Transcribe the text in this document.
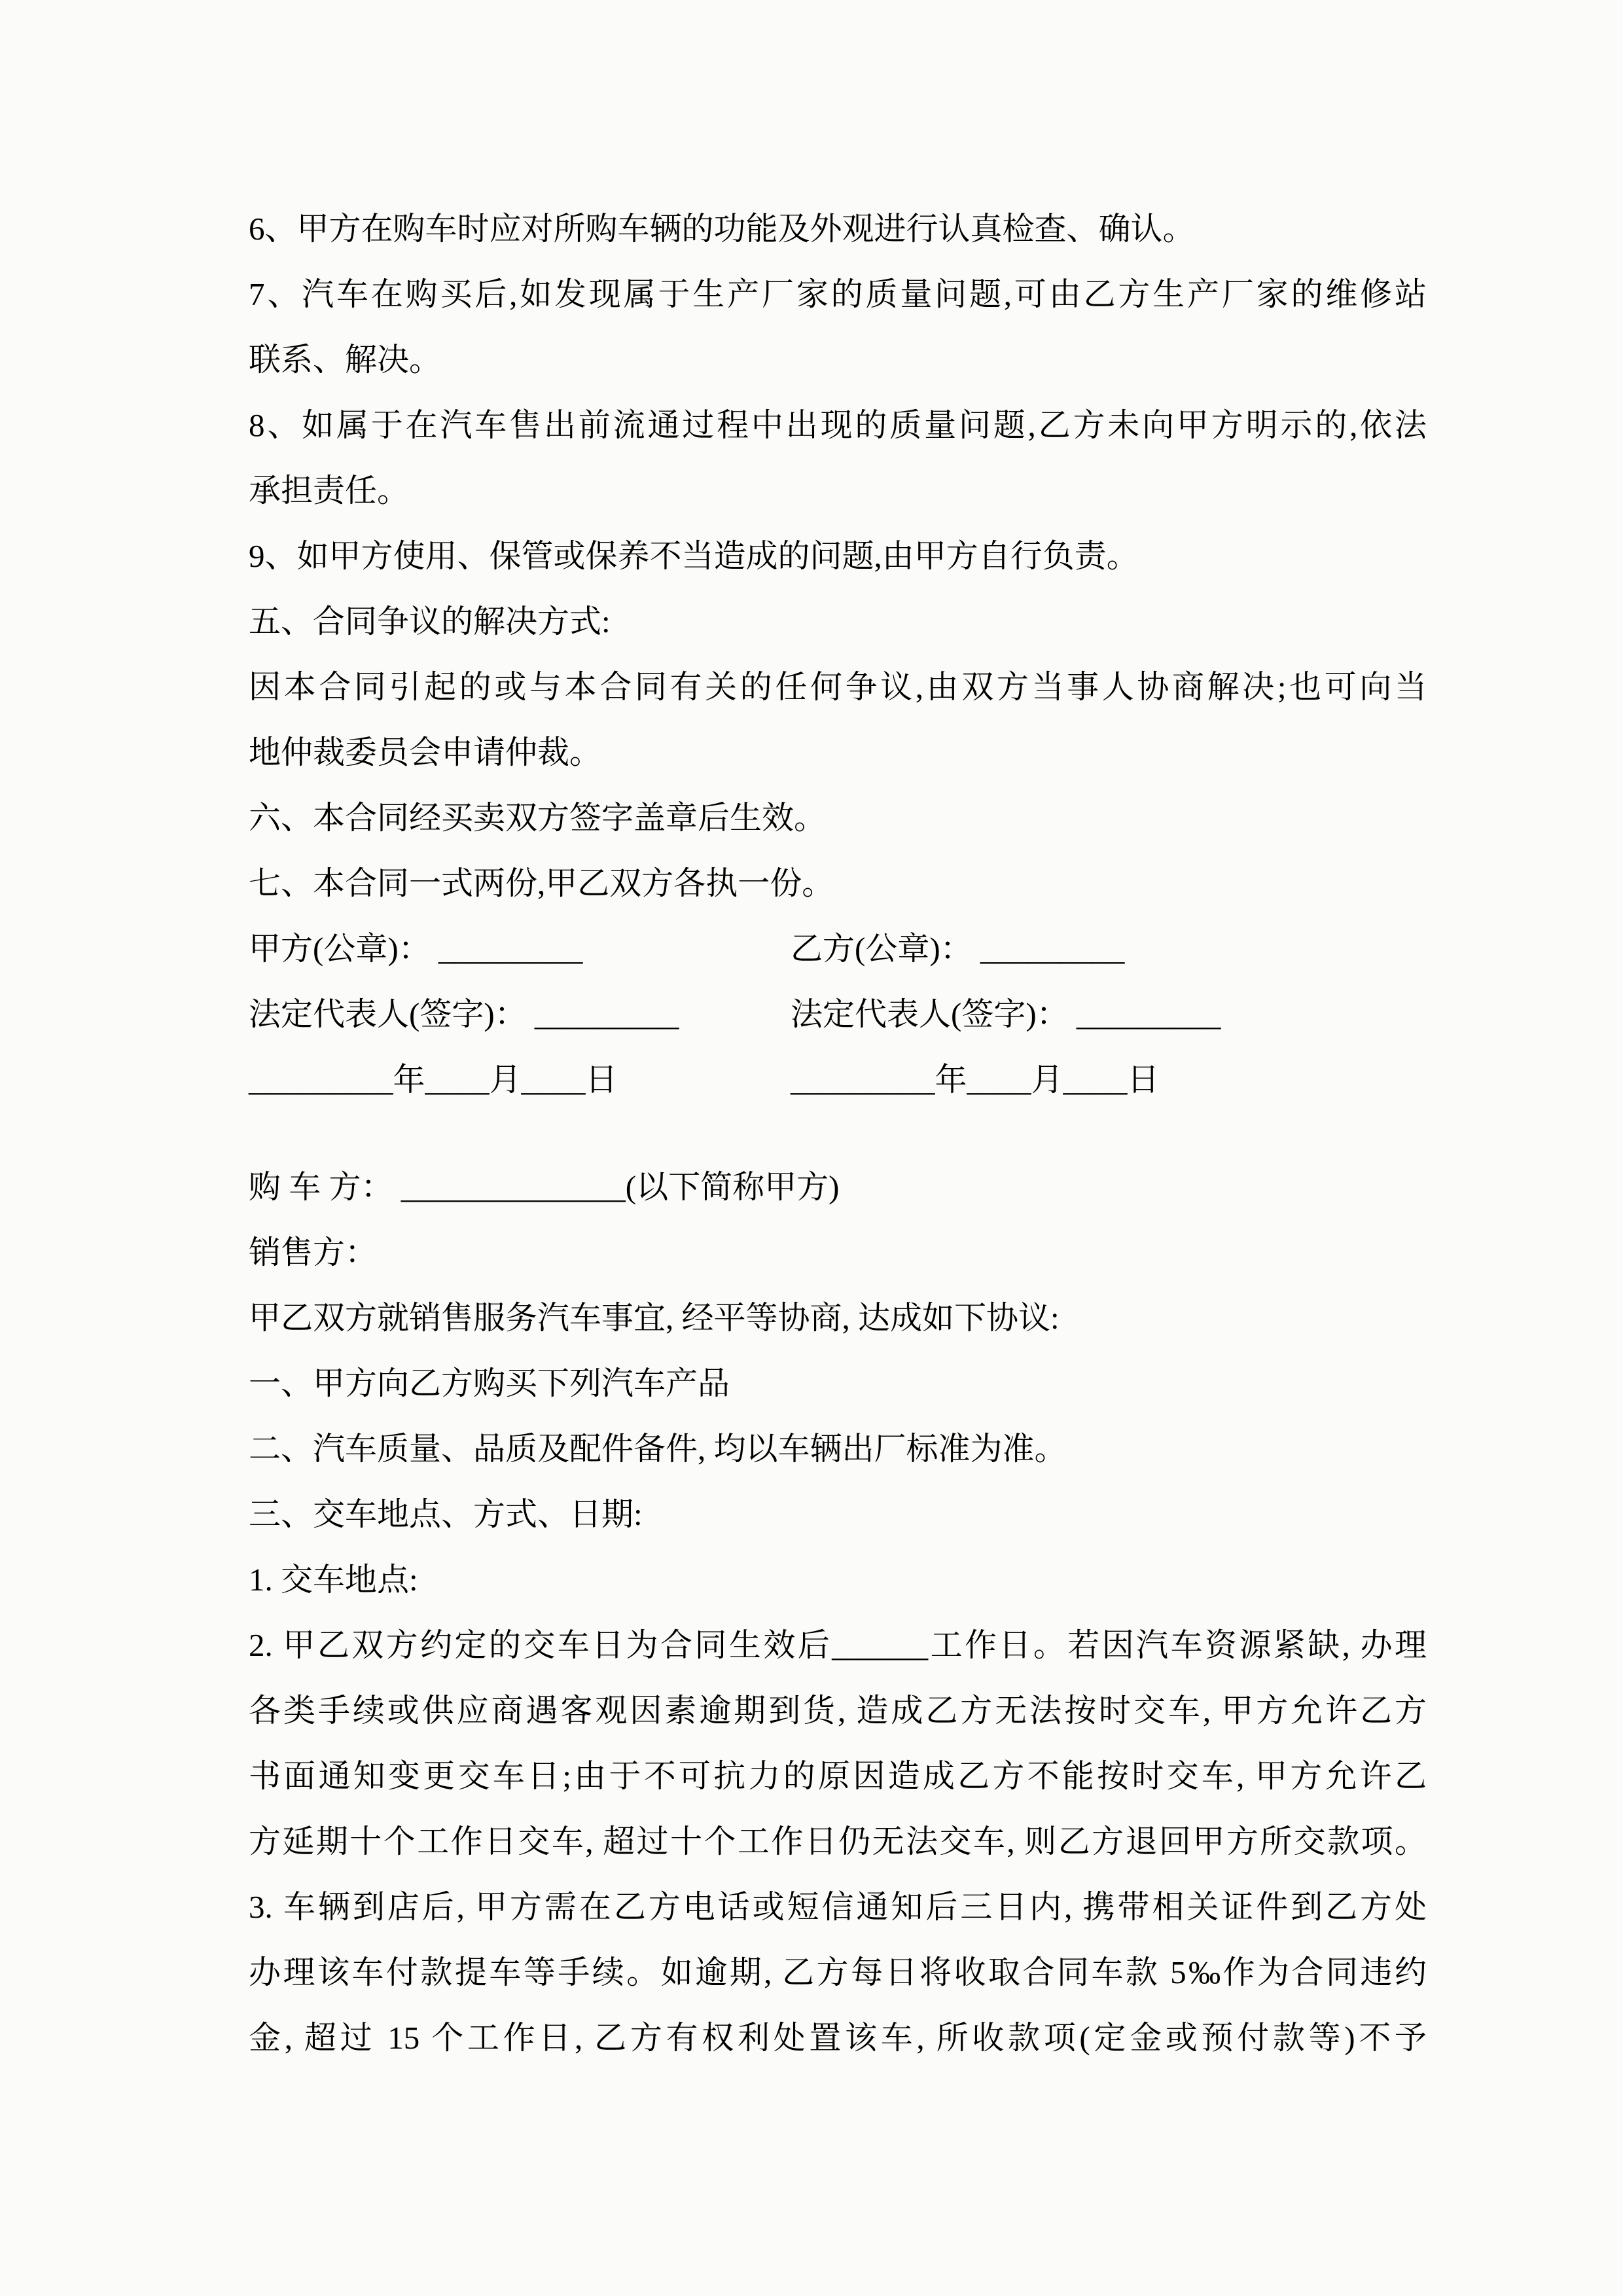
6、甲方在购车时应对所购车辆的功能及外观进行认真检查、确认。
7、汽车在购买后,如发现属于生产厂家的质量问题,可由乙方生产厂家的维修站
联系、解决。
8、如属于在汽车售出前流通过程中出现的质量问题,乙方未向甲方明示的,依法
承担责任。
9、如甲方使用、保管或保养不当造成的问题,由甲方自行负责。
五、合同争议的解决方式:
因本合同引起的或与本合同有关的任何争议,由双方当事人协商解决;也可向当
地仲裁委员会申请仲裁。
六、本合同经买卖双方签字盖章后生效。
七、本合同一式两份,甲乙双方各执一份。
甲方(公章)： _________	乙方(公章)： _________
法定代表人(签字)： _________	法定代表人(签字)： _________
_________年____月____日	_________年____月____日
购 车 方： ______________(以下简称甲方)
销售方：
甲乙双方就销售服务汽车事宜, 经平等协商, 达成如下协议:
一、甲方向乙方购买下列汽车产品
二、汽车质量、品质及配件备件, 均以车辆出厂标准为准。
三、交车地点、方式、日期:
1. 交车地点:
2. 甲乙双方约定的交车日为合同生效后______工作日。若因汽车资源紧缺, 办理
各类手续或供应商遇客观因素逾期到货, 造成乙方无法按时交车, 甲方允许乙方
书面通知变更交车日;由于不可抗力的原因造成乙方不能按时交车, 甲方允许乙
方延期十个工作日交车, 超过十个工作日仍无法交车, 则乙方退回甲方所交款项。
3. 车辆到店后, 甲方需在乙方电话或短信通知后三日内, 携带相关证件到乙方处
办理该车付款提车等手续。如逾期, 乙方每日将收取合同车款 5‰作为合同违约
金, 超过 15 个工作日, 乙方有权利处置该车, 所收款项(定金或预付款等)不予
